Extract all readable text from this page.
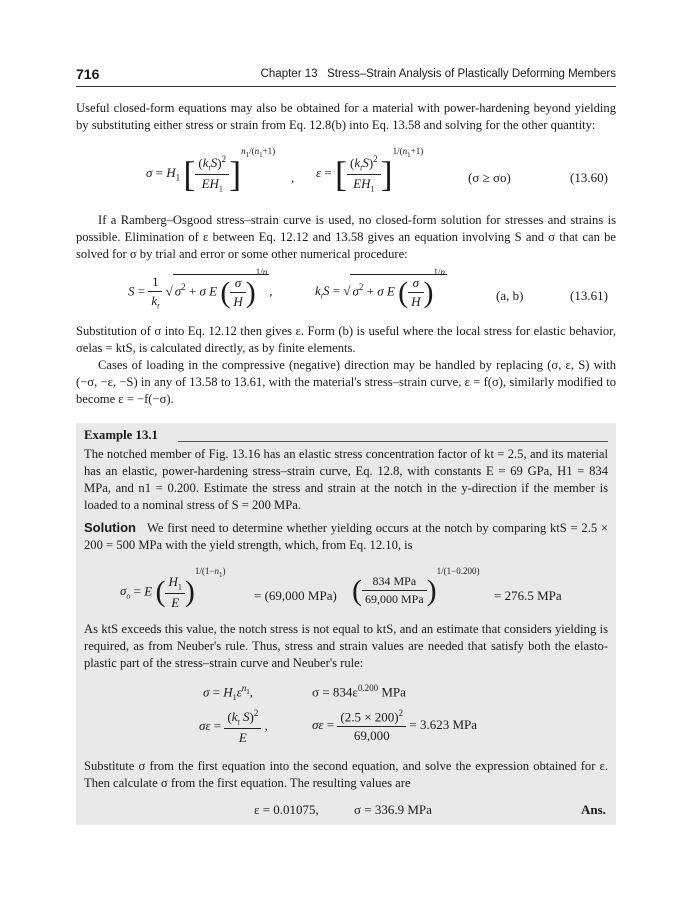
716	Chapter 13 Stress–Strain Analysis of Plastically Deforming Members

Useful closed-form equations may also be obtained for a material with power-hardening beyond yielding by substituting either stress or strain from Eq. 12.8(b) into Eq. 13.58 and solving for the other quantity:

$\sigma = H_1$ [ $\frac{(k_tS)^2}{EH_1} ]^{n_1/(n_1+1)}$
, ε = [ $\frac{(k_tS)^2}{EH_1} ]^{1/(n_1+1)}$
(σ ≥ σo)	(13.60)

If a Ramberg–Osgood stress–strain curve is used, no closed-form solution for stresses and strains is possible. Elimination of ε between Eq. 12.12 and 13.58 gives an equation involving S and σ that can be solved for σ by trial and error or some other numerical procedure:

$S = \frac{1}{k_t}$ √ $\sigma^2 + \sigma$ E ( $\frac{\sigma}{H} )^{1/n}$,	$k_tS$ = √ $\sigma^2 + \sigma$ E ( $\frac{\sigma}{H} )^{1/n}$
(a, b)	(13.61)

Substitution of σ into Eq. 12.12 then gives ε. Form (b) is useful where the local stress for elastic behavior, σelas = ktS, is calculated directly, as by finite elements.

Cases of loading in the compressive (negative) direction may be handled by replacing (σ, ε, S) with (−σ, −ε, −S) in any of 13.58 to 13.61, with the material's stress–strain curve, ε = f(σ), similarly modified to become ε = −f(−σ).

Example 13.1

The notched member of Fig. 13.16 has an elastic stress concentration factor of kt = 2.5, and its material has an elastic, power-hardening stress–strain curve, Eq. 12.8, with constants E = 69 GPa, H1 = 834 MPa, and n1 = 0.200. Estimate the stress and strain at the notch in the y-direction if the member is loaded to a nominal stress of S = 200 MPa.

Solution We first need to determine whether yielding occurs at the notch by comparing ktS = 2.5 × 200 = 500 MPa with the yield strength, which, from Eq. 12.10, is

$\sigma_o = E$ ( $\frac{H_1}{E} )^{1/(1-n_1)}$
= (69,000 MPa) ( $\frac{\text{834 MPa}}{\text{69,000 MPa}} )^{1/(1-0.200)}$
= 276.5 MPa

As ktS exceeds this value, the notch stress is not equal to ktS, and an estimate that considers yielding is required, as from Neuber's rule. Thus, stress and strain values are needed that satisfy both the elasto-plastic part of the stress–strain curve and Neuber's rule:

$\sigma = H_1\varepsilon^{n_1}$,	$\sigma = 834\varepsilon^{0.200}$ MPa
$\sigma\varepsilon = \frac{(k_t S)^2}{E}$ ,	$\sigma\varepsilon = \frac{(2.5 \times 200)^2}{69,000} = 3.623$ MPa

Substitute σ from the first equation into the second equation, and solve the expression obtained for ε. Then calculate σ from the first equation. The resulting values are

ε = 0.01075,	σ = 336.9 MPa	Ans.
